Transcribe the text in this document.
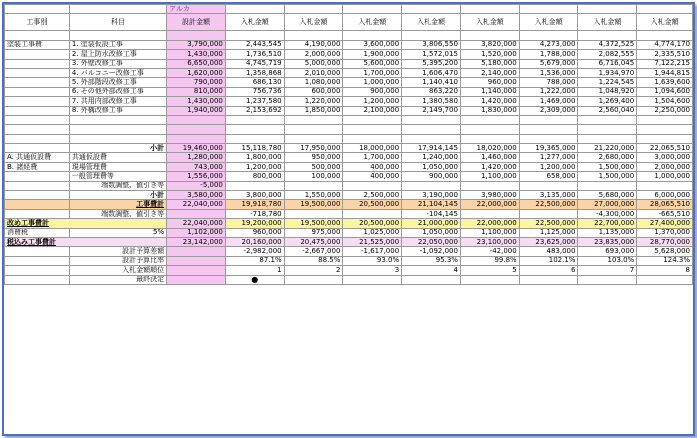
		アルカ								
工事別	科目	設計金額	入札金額	入札金額	入札金額	入札金額	入札金額	入札金額	入札金額	入札金額

塗装工事費	1. 塗装仮設工事	3,790,000	2,443,545	4,190,000	3,600,000	3,806,550	3,820,000	4,273,000	4,372,525	4,774,170
	2. 屋上防水改修工事	1,430,000	1,736,510	2,000,000	1,900,000	1,572,015	1,520,000	1,788,000	2,082,555	2,335,510
	3. 外壁改修工事	6,650,000	4,745,719	5,000,000	5,600,000	5,395,200	5,180,000	5,679,000	6,716,045	7,122,215
	4. バルコニー改修工事	1,620,000	1,358,868	2,010,000	1,700,000	1,606,470	2,140,000	1,536,000	1,934,970	1,944,815
	5. 外部階段改修工事	790,000	686,130	1,080,000	1,000,000	1,140,410	960,000	788,000	1,224,545	1,639,600
	6. その他外部改修工事	810,000	756,736	600,000	900,000	863,220	1,140,000	1,222,000	1,048,920	1,094,600
	7. 共用内部改修工事	1,430,000	1,237,580	1,220,000	1,200,000	1,380,580	1,420,000	1,469,000	1,269,400	1,504,600
	8. 外構改修工事	1,940,000	2,153,692	1,850,000	2,100,000	2,149,700	1,830,000	2,309,000	2,560,040	2,250,000

	小計	19,460,000	15,118,780	17,950,000	18,000,000	17,914,145	18,020,000	19,365,000	21,220,000	22,065,510
A. 共通仮設費	共通仮設費	1,280,000	1,800,000	950,000	1,700,000	1,240,000	1,460,000	1,277,000	2,680,000	3,000,000
B. 諸経費	現場管理費	743,000	1,200,000	500,000	400,000	1,050,000	1,420,000	1,200,000	1,500,000	2,000,000
	一般管理費等	1,556,000	800,000	100,000	400,000	900,000	1,100,000	658,000	1,500,000	1,000,000
	端数調整、値引き等	-5,000								
	小計	3,580,000	3,800,000	1,550,000	2,500,000	3,190,000	3,980,000	3,135,000	5,680,000	6,000,000
	工事費計	22,040,000	19,918,780	19,500,000	20,500,000	21,104,145	22,000,000	22,500,000	27,000,000	28,065,510
	端数調整、値引き等		-718,780			-104,145			-4,300,000	-665,510
改め工事費計		22,040,000	19,200,000	19,500,000	20,500,000	21,000,000	22,000,000	22,500,000	22,700,000	27,400,000
消費税	5%	1,102,000	960,000	975,000	1,025,000	1,050,000	1,100,000	1,125,000	1,135,000	1,370,000
税込み工事費計		23,142,000	20,160,000	20,475,000	21,525,000	22,050,000	23,100,000	23,625,000	23,835,000	28,770,000
	設計予算差額		-2,982,000	-2,667,000	-1,617,000	-1,092,000	-42,000	483,000	693,000	5,628,000
	設計予算比率		87.1%	88.5%	93.0%	95.3%	99.8%	102.1%	103.0%	124.3%
	入札金額順位		1	2	3	4	5	6	7	8
	最終決定		●							
